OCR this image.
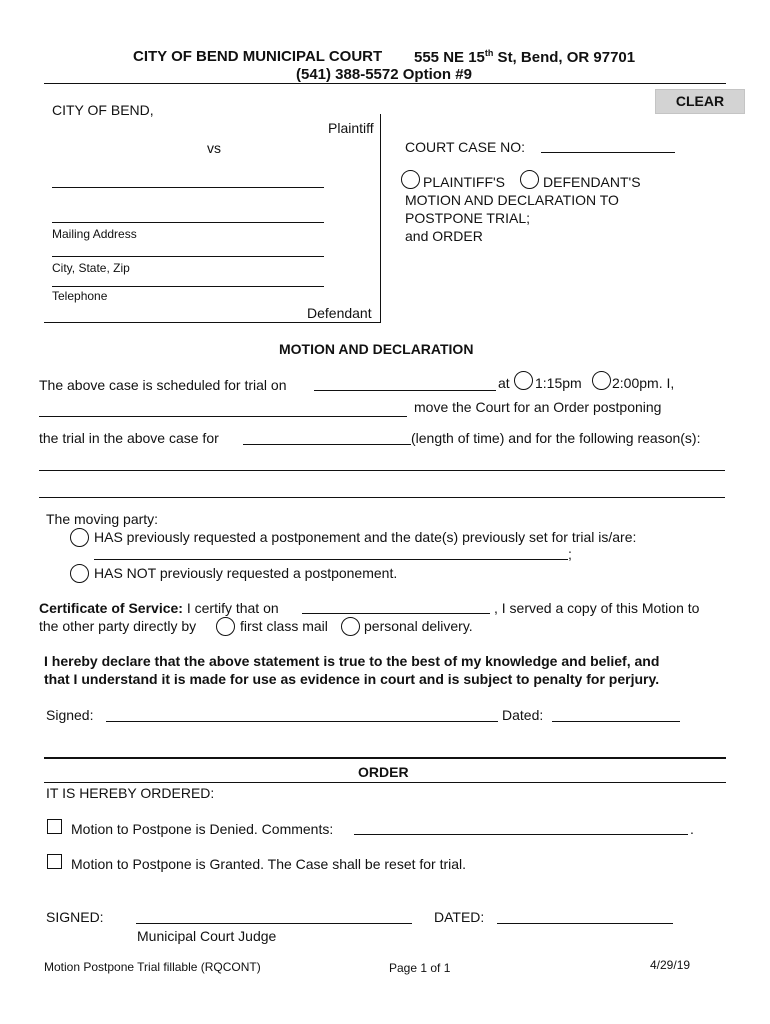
CITY OF BEND MUNICIPAL COURT 555 NE 15th St, Bend, OR 97701
(541) 388-5572 Option #9
CLEAR
CITY OF BEND,
Plaintiff
vs
Mailing Address
City, State, Zip
Telephone
Defendant
COURT CASE NO:
PLAINTIFF'S	DEFENDANT'S
MOTION AND DECLARATION TO
POSTPONE TRIAL;
and ORDER
MOTION AND DECLARATION
The above case is scheduled for trial on	at 1:15pm 2:00pm. I,
move the Court for an Order postponing
the trial in the above case for	(length of time) and for the following reason(s):
The moving party:
HAS previously requested a postponement and the date(s) previously set for trial is/are:
;
HAS NOT previously requested a postponement.
Certificate of Service: I certify that on	, I served a copy of this Motion to
the other party directly by	first class mail	personal delivery.
I hereby declare that the above statement is true to the best of my knowledge and belief, and
that I understand it is made for use as evidence in court and is subject to penalty for perjury.
Signed:	Dated:
ORDER
IT IS HEREBY ORDERED:
Motion to Postpone is Denied. Comments:	.
Motion to Postpone is Granted. The Case shall be reset for trial.
SIGNED:	DATED:
Municipal Court Judge
Motion Postpone Trial fillable (RQCONT)	Page 1 of 1	4/29/19
